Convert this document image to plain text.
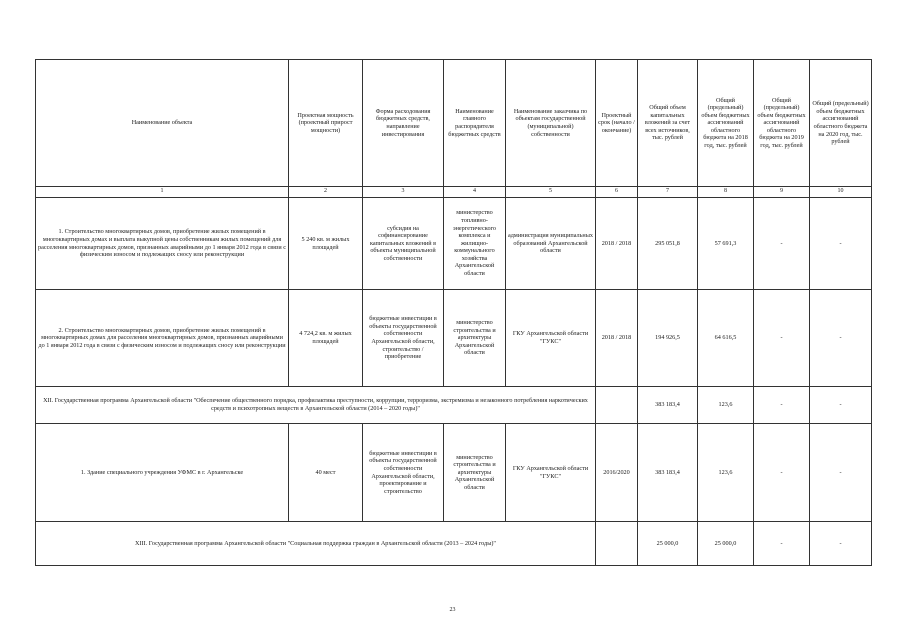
Наименование объекта	Проектная мощность (проектный прирост мощности)	Форма расходования бюджетных средств, направление инвестирования	Наименование главного распорядителя бюджетных средств	Наименование заказчика по объектам государственной (муниципальной) собственности	Проектный срок (начало / окончание)	Общий объем капитальных вложений за счет всех источников, тыс. рублей	Общий (предельный) объем бюджетных ассигнований областного бюджета на 2018 год, тыс. рублей	Общий (предельный) объем бюджетных ассигнований областного бюджета на 2019 год, тыс. рублей	Общий (предельный) объем бюджетных ассигнований областного бюджета на 2020 год, тыс. рублей
1	2	3	4	5	6	7	8	9	10
1. Строительство многоквартирных домов, приобретение жилых помещений в многоквартирных домах и выплата выкупной цены собственникам жилых помещений для расселения многоквартирных домов, признанных аварийными до 1 января 2012 года в связи с физическим износом и подлежащих сносу или реконструкции	5 240 кв. м жилых площадей	субсидия на софинансирование капитальных вложений в объекты муниципальной собственности	министерство топливно-энергетического комплекса и жилищно-коммунального хозяйства Архангельской области	администрация муниципальных образований Архангельской области	2018 / 2018	295 051,8	57 691,3	-	-
2. Строительство многоквартирных домов, приобретение жилых помещений в многоквартирных домах для расселения многоквартирных домов, признанных аварийными до 1 января 2012 года в связи с физическим износом и подлежащих сносу или реконструкции	4 724,2 кв. м жилых площадей	бюджетные инвестиции в объекты государственной собственности Архангельской области, строительство / приобретение	министерство строительства и архитектуры Архангельской области	ГКУ Архангельской области "ГУКС"	2018 / 2018	194 926,5	64 616,5	-	-
XII. Государственная программа Архангельской области "Обеспечение общественного порядка, профилактика преступности, коррупции, терроризма, экстремизма и незаконного потребления наркотических средств и психотропных веществ в Архангельской области (2014 – 2020 годы)"						383 183,4	123,6	-	-
1. Здание специального учреждения УФМС в г. Архангельске	40 мест	бюджетные инвестиции в объекты государственной собственности Архангельской области, проектирование и строительство	министерство строительства и архитектуры Архангельской области	ГКУ Архангельской области "ГУКС"	2016/2020	383 183,4	123,6	-	-
XIII. Государственная программа Архангельской области "Социальная поддержка граждан в Архангельской области (2013 – 2024 годы)"						25 000,0	25 000,0	-	-
23
